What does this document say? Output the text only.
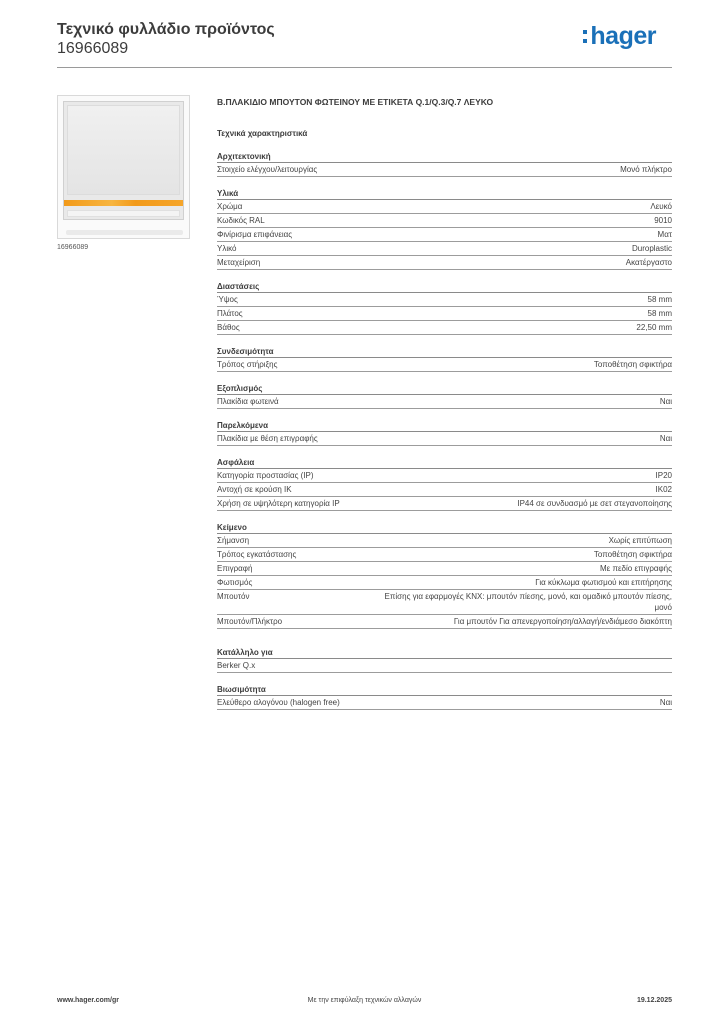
Τεχνικό φυλλάδιο προϊόντος
16966089	hager
16966089
Β.ΠΛΑΚΙΔΙΟ ΜΠΟΥΤΟΝ ΦΩΤΕΙΝΟΥ ΜΕ ΕΤΙΚΕΤΑ Q.1/Q.3/Q.7 ΛΕΥΚΟ
Τεχνικά χαρακτηριστικά
Αρχιτεκτονική
Στοιχείο ελέγχου/λειτουργίας	Μονό πλήκτρο
Υλικά
Χρώμα	Λευκό
Κωδικός RAL	9010
Φινίρισμα επιφάνειας	Ματ
Υλικό	Duroplastic
Μεταχείριση	Ακατέργαστο
Διαστάσεις
Ύψος	58 mm
Πλάτος	58 mm
Βάθος	22,50 mm
Συνδεσιμότητα
Τρόπος στήριξης	Τοποθέτηση σφικτήρα
Εξοπλισμός
Πλακίδια φωτεινά	Ναι
Παρελκόμενα
Πλακίδια με θέση επιγραφής	Ναι
Ασφάλεια
Κατηγορία προστασίας (IP)	IP20
Αντοχή σε κρούση IK	IK02
Χρήση σε υψηλότερη κατηγορία IP	IP44 σε συνδυασμό με σετ στεγανοποίησης
Κείμενο
Σήμανση	Χωρίς επιτύπωση
Τρόπος εγκατάστασης	Τοποθέτηση σφικτήρα
Επιγραφή	Με πεδίο επιγραφής
Φωτισμός	Για κύκλωμα φωτισμού και επιτήρησης
Μπουτόν	Επίσης για εφαρμογές KNX: μπουτόν πίεσης, μονό, και ομαδικό μπουτόν πίεσης, μονό
Μπουτόν/Πλήκτρο	Για μπουτόν Για απενεργοποίηση/αλλαγή/ενδιάμεσο διακόπτη
Κατάλληλο για
Berker Q.x
Βιωσιμότητα
Ελεύθερο αλογόνου (halogen free)	Ναι
www.hager.com/gr	Με την επιφύλαξη τεχνικών αλλαγών	19.12.2025
